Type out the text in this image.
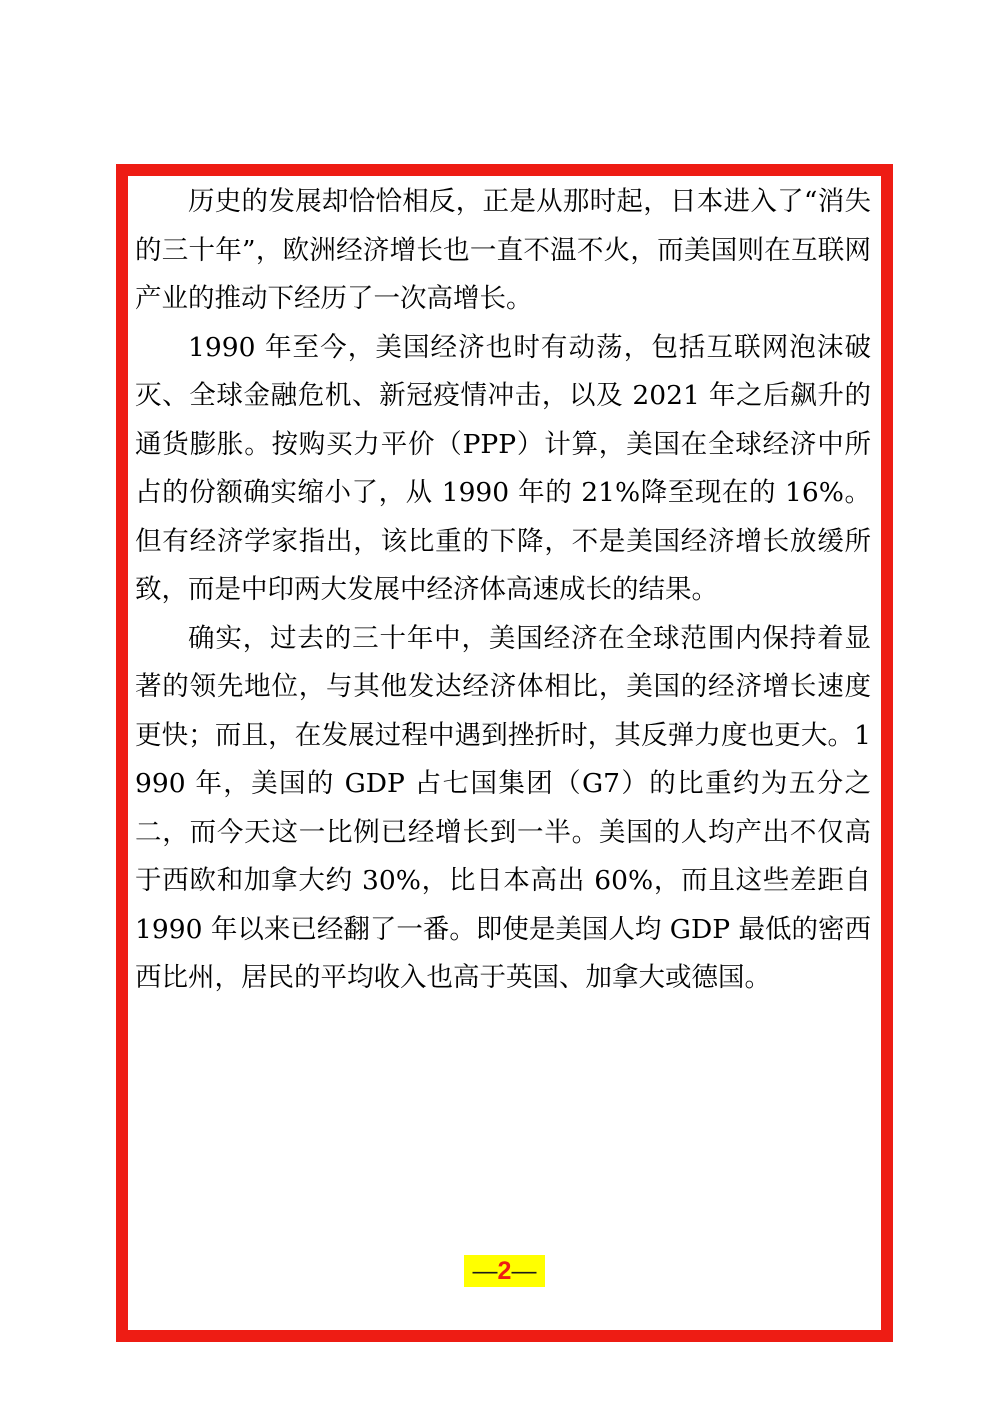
历史的发展却恰恰相反，正是从那时起，日本进入了“消失的三十年”，欧洲经济增长也一直不温不火，而美国则在互联网产业的推动下经历了一次高增长。

1990 年至今，美国经济也时有动荡，包括互联网泡沫破灭、全球金融危机、新冠疫情冲击，以及 2021 年之后飙升的通货膨胀。按购买力平价（PPP）计算，美国在全球经济中所占的份额确实缩小了，从 1990 年的 21%降至现在的 16%。但有经济学家指出，该比重的下降，不是美国经济增长放缓所致，而是中印两大发展中经济体高速成长的结果。

确实，过去的三十年中，美国经济在全球范围内保持着显著的领先地位，与其他发达经济体相比，美国的经济增长速度更快；而且，在发展过程中遇到挫折时，其反弹力度也更大。1990 年，美国的 GDP 占七国集团（G7）的比重约为五分之二，而今天这一比例已经增长到一半。美国的人均产出不仅高于西欧和加拿大约 30%，比日本高出 60%，而且这些差距自 1990 年以来已经翻了一番。即使是美国人均 GDP 最低的密西西比州，居民的平均收入也高于英国、加拿大或德国。

—2—
